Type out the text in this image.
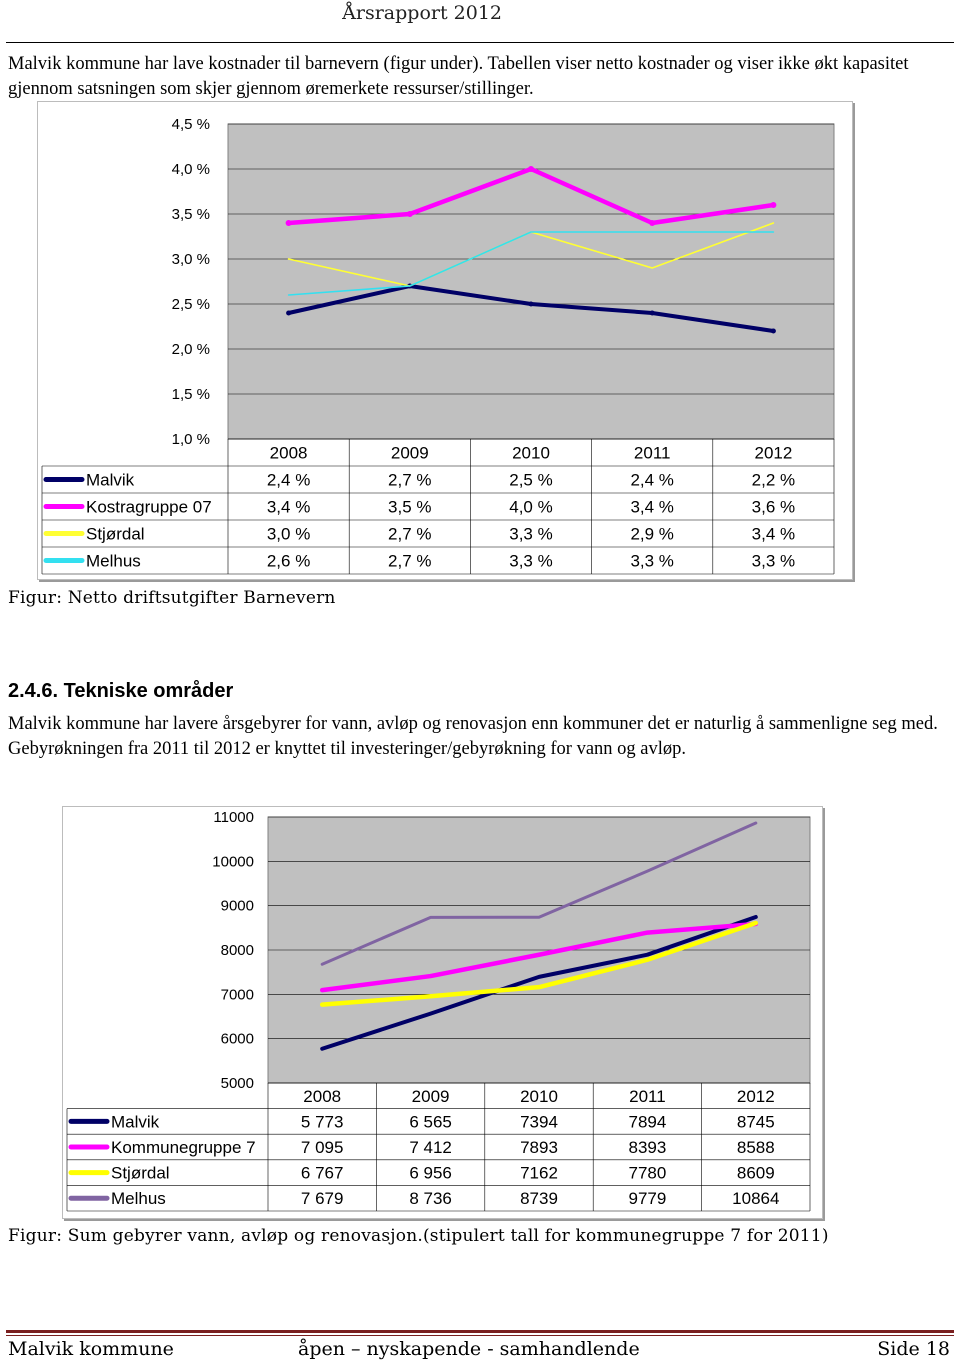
Årsrapport 2012
Malvik kommune har lave kostnader til barnevern (figur under). Tabellen viser netto kostnader og viser ikke økt kapasitet gjennom satsningen som skjer gjennom øremerkete ressurser/stillinger.
4,5 %
4,0 %
3,5 %
3,0 %
2,5 %
2,0 %
1,5 %
1,0 %
2008	2009	2010	2011	2012
Malvik	2,4 %	2,7 %	2,5 %	2,4 %	2,2 %
Kostragruppe 07	3,4 %	3,5 %	4,0 %	3,4 %	3,6 %
Stjørdal	3,0 %	2,7 %	3,3 %	2,9 %	3,4 %
Melhus	2,6 %	2,7 %	3,3 %	3,3 %	3,3 %
Figur: Netto driftsutgifter Barnevern
2.4.6. Tekniske områder
Malvik kommune har lavere årsgebyrer for vann, avløp og renovasjon enn kommuner det er naturlig å sammenligne seg med. Gebyrøkningen fra 2011 til 2012 er knyttet til investeringer/gebyrøkning for vann og avløp.
11000
10000
9000
8000
7000
6000
5000
2008	2009	2010	2011	2012
Malvik	5 773	6 565	7394	7894	8745
Kommunegruppe 7	7 095	7 412	7893	8393	8588
Stjørdal	6 767	6 956	7162	7780	8609
Melhus	7 679	8 736	8739	9779	10864
Figur: Sum gebyrer vann, avløp og renovasjon.(stipulert tall for kommunegruppe 7 for 2011)
Malvik kommune	åpen – nyskapende - samhandlende	Side 18
